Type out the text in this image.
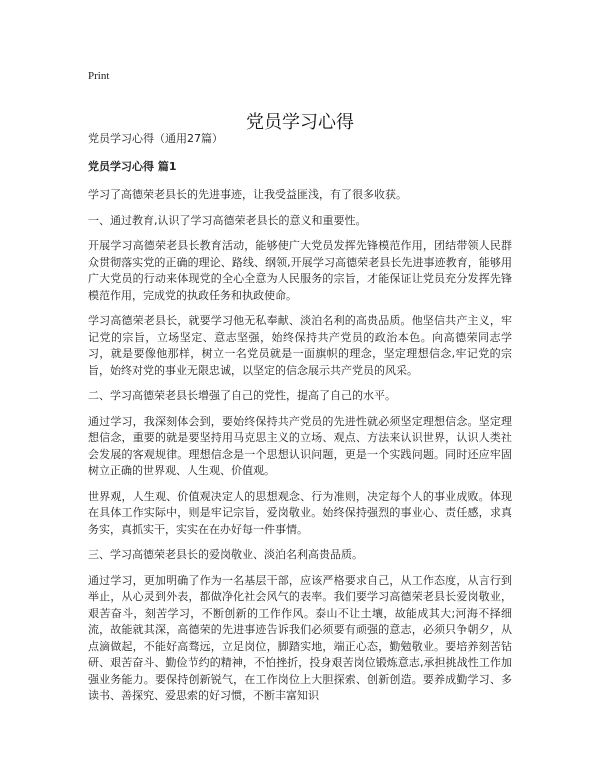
Print
党员学习心得

党员学习心得（通用27篇）

党员学习心得 篇1

学习了高德荣老县长的先进事迹，让我受益匪浅，有了很多收获。

一、通过教育,认识了学习高德荣老县长的意义和重要性。

开展学习高德荣老县长教育活动，能够使广大党员发挥先锋模范作用，团结带领人民群众贯彻落实党的正确的理论、路线、纲领,开展学习高德荣老县长先进事迹教育，能够用广大党员的行动来体现党的全心全意为人民服务的宗旨，才能保证让党员充分发挥先锋模范作用，完成党的执政任务和执政使命。

学习高德荣老县长，就要学习他无私奉献、淡泊名利的高贵品质。他坚信共产主义，牢记党的宗旨，立场坚定、意志坚强，始终保持共产党员的政治本色。向高德荣同志学习，就是要像他那样，树立一名党员就是一面旗帜的理念，坚定理想信念,牢记党的宗旨，始终对党的事业无限忠诚，以坚定的信念展示共产党员的风采。

二、学习高德荣老县长增强了自己的党性，提高了自己的水平。

通过学习，我深刻体会到，要始终保持共产党员的先进性就必须坚定理想信念。坚定理想信念，重要的就是要坚持用马克思主义的立场、观点、方法来认识世界，认识人类社会发展的客观规律。理想信念是一个思想认识问题，更是一个实践问题。同时还应牢固树立正确的世界观、人生观、价值观。

世界观，人生观、价值观决定人的思想观念、行为准则，决定每个人的事业成败。体现在具体工作实际中，则是牢记宗旨，爱岗敬业。始终保持强烈的事业心、责任感，求真务实，真抓实干，实实在在办好每一件事情。

三、学习高德荣老县长的爱岗敬业、淡泊名利高贵品质。

通过学习，更加明确了作为一名基层干部，应该严格要求自己，从工作态度，从言行到举止，从心灵到外表，都做净化社会风气的表率。我们要学习高德荣老县长爱岗敬业，艰苦奋斗，刻苦学习，不断创新的工作作风。泰山不让土壤，故能成其大;河海不择细流，故能就其深，高德荣的先进事迹告诉我们必须要有顽强的意志，必须只争朝夕，从点滴做起，不能好高骛远，立足岗位，脚踏实地，端正心态，勤勉敬业。要培养刻苦钻研、艰苦奋斗、勤俭节约的精神，不怕挫折，投身艰苦岗位锻炼意志,承担挑战性工作加强业务能力。要保持创新锐气，在工作岗位上大胆探索、创新创造。要养成勤学习、多读书、善探究、爱思索的好习惯，不断丰富知识
